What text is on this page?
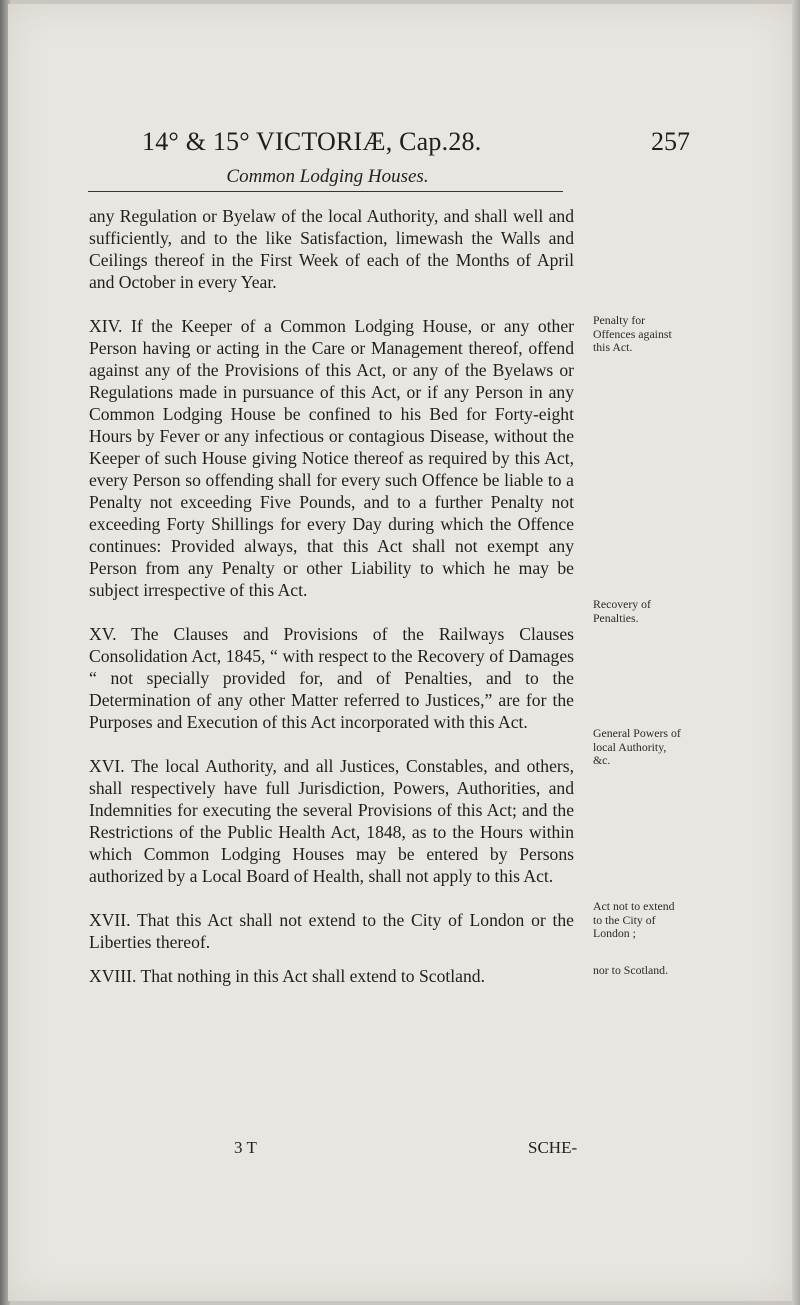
14° & 15° VICTORIÆ, Cap.28.	257
Common Lodging Houses.

any Regulation or Byelaw of the local Authority, and shall well and sufficiently, and to the like Satisfaction, limewash the Walls and Ceilings thereof in the First Week of each of the Months of April and October in every Year.

XIV. If the Keeper of a Common Lodging House, or any other Person having or acting in the Care or Management thereof, offend against any of the Provisions of this Act, or any of the Byelaws or Regulations made in pursuance of this Act, or if any Person in any Common Lodging House be confined to his Bed for Forty-eight Hours by Fever or any infectious or contagious Disease, without the Keeper of such House giving Notice thereof as required by this Act, every Person so offending shall for every such Offence be liable to a Penalty not exceeding Five Pounds, and to a further Penalty not exceeding Forty Shillings for every Day during which the Offence continues: Provided always, that this Act shall not exempt any Person from any Penalty or other Liability to which he may be subject irrespective of this Act.

XV. The Clauses and Provisions of the Railways Clauses Consolidation Act, 1845, “ with respect to the Recovery of Damages “ not specially provided for, and of Penalties, and to the Determination of any other Matter referred to Justices,” are for the Purposes and Execution of this Act incorporated with this Act.

XVI. The local Authority, and all Justices, Constables, and others, shall respectively have full Jurisdiction, Powers, Authorities, and Indemnities for executing the several Provisions of this Act; and the Restrictions of the Public Health Act, 1848, as to the Hours within which Common Lodging Houses may be entered by Persons authorized by a Local Board of Health, shall not apply to this Act.

XVII. That this Act shall not extend to the City of London or the Liberties thereof.

XVIII. That nothing in this Act shall extend to Scotland.

Penalty for Offences against this Act.
Recovery of Penalties.
General Powers of local Authority, &c.
Act not to extend to the City of London ;
nor to Scotland.
3 T	SCHE-
